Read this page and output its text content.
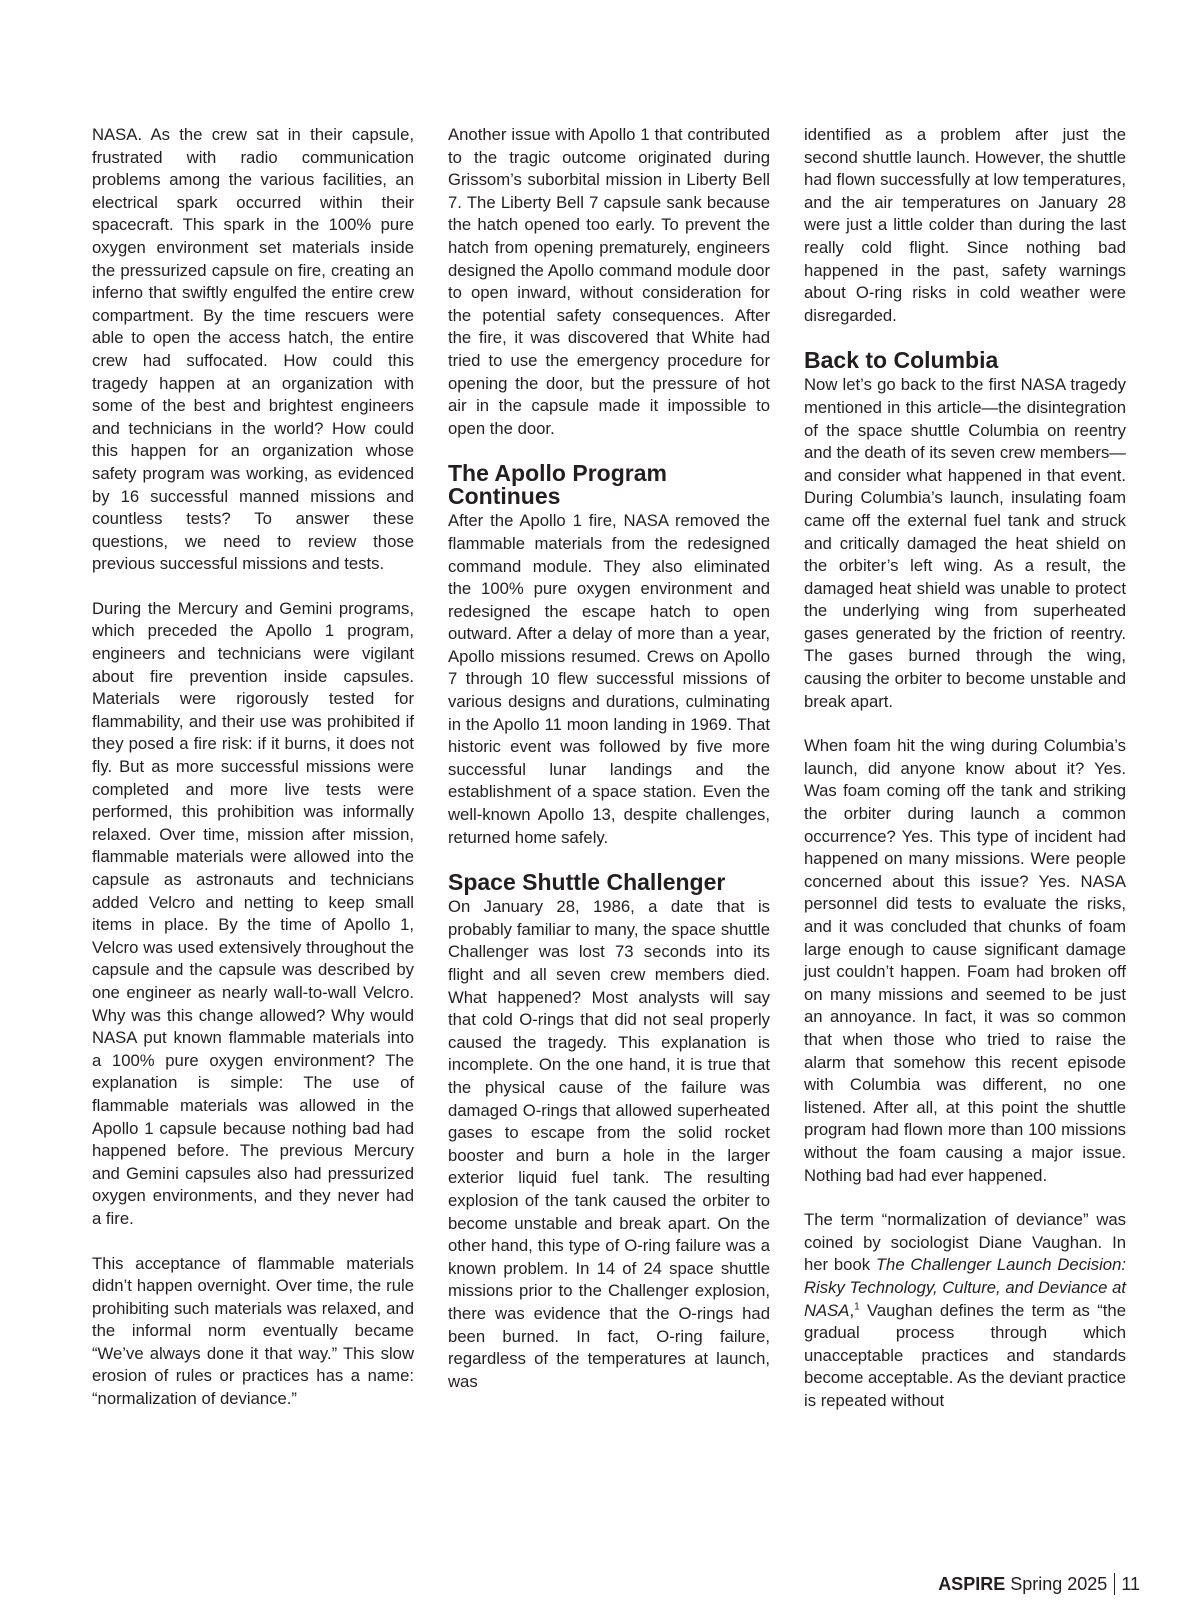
NASA. As the crew sat in their capsule, frustrated with radio communication problems among the various facilities, an electrical spark occurred within their spacecraft. This spark in the 100% pure oxygen environment set materials inside the pressurized capsule on fire, creating an inferno that swiftly engulfed the entire crew compartment. By the time rescuers were able to open the access hatch, the entire crew had suffocated. How could this tragedy happen at an organization with some of the best and brightest engineers and technicians in the world? How could this happen for an organization whose safety program was working, as evidenced by 16 successful manned missions and countless tests? To answer these questions, we need to review those previous successful missions and tests.

During the Mercury and Gemini programs, which preceded the Apollo 1 program, engineers and technicians were vigilant about fire prevention inside capsules. Materials were rigorously tested for flammability, and their use was prohibited if they posed a fire risk: if it burns, it does not fly. But as more successful missions were completed and more live tests were performed, this prohibition was informally relaxed. Over time, mission after mission, flammable materials were allowed into the capsule as astronauts and technicians added Velcro and netting to keep small items in place. By the time of Apollo 1, Velcro was used extensively throughout the capsule and the capsule was described by one engineer as nearly wall-to-wall Velcro. Why was this change allowed? Why would NASA put known flammable materials into a 100% pure oxygen environment? The explanation is simple: The use of flammable materials was allowed in the Apollo 1 capsule because nothing bad had happened before. The previous Mercury and Gemini capsules also had pressurized oxygen environments, and they never had a fire.

This acceptance of flammable materials didn’t happen overnight. Over time, the rule prohibiting such materials was relaxed, and the informal norm eventually became “We’ve always done it that way.” This slow erosion of rules or practices has a name: “normalization of deviance.”

Another issue with Apollo 1 that contributed to the tragic outcome originated during Grissom’s suborbital mission in Liberty Bell 7. The Liberty Bell 7 capsule sank because the hatch opened too early. To prevent the hatch from opening prematurely, engineers designed the Apollo command module door to open inward, without consideration for the potential safety consequences. After the fire, it was discovered that White had tried to use the emergency procedure for opening the door, but the pressure of hot air in the capsule made it impossible to open the door.

The Apollo Program Continues

After the Apollo 1 fire, NASA removed the flammable materials from the redesigned command module. They also eliminated the 100% pure oxygen environment and redesigned the escape hatch to open outward. After a delay of more than a year, Apollo missions resumed. Crews on Apollo 7 through 10 flew successful missions of various designs and durations, culminating in the Apollo 11 moon landing in 1969. That historic event was followed by five more successful lunar landings and the establishment of a space station. Even the well-known Apollo 13, despite challenges, returned home safely.

Space Shuttle Challenger

On January 28, 1986, a date that is probably familiar to many, the space shuttle Challenger was lost 73 seconds into its flight and all seven crew members died. What happened? Most analysts will say that cold O-rings that did not seal properly caused the tragedy. This explanation is incomplete. On the one hand, it is true that the physical cause of the failure was damaged O-rings that allowed superheated gases to escape from the solid rocket booster and burn a hole in the larger exterior liquid fuel tank. The resulting explosion of the tank caused the orbiter to become unstable and break apart. On the other hand, this type of O-ring failure was a known problem. In 14 of 24 space shuttle missions prior to the Challenger explosion, there was evidence that the O-rings had been burned. In fact, O-ring failure, regardless of the temperatures at launch, was

identified as a problem after just the second shuttle launch. However, the shuttle had flown successfully at low temperatures, and the air temperatures on January 28 were just a little colder than during the last really cold flight. Since nothing bad happened in the past, safety warnings about O-ring risks in cold weather were disregarded.

Back to Columbia

Now let’s go back to the first NASA tragedy mentioned in this article—the disintegration of the space shuttle Columbia on reentry and the death of its seven crew members—and consider what happened in that event. During Columbia’s launch, insulating foam came off the external fuel tank and struck and critically damaged the heat shield on the orbiter’s left wing. As a result, the damaged heat shield was unable to protect the underlying wing from superheated gases generated by the friction of reentry. The gases burned through the wing, causing the orbiter to become unstable and break apart.

When foam hit the wing during Columbia’s launch, did anyone know about it? Yes. Was foam coming off the tank and striking the orbiter during launch a common occurrence? Yes. This type of incident had happened on many missions. Were people concerned about this issue? Yes. NASA personnel did tests to evaluate the risks, and it was concluded that chunks of foam large enough to cause significant damage just couldn’t happen. Foam had broken off on many missions and seemed to be just an annoyance. In fact, it was so common that when those who tried to raise the alarm that somehow this recent episode with Columbia was different, no one listened. After all, at this point the shuttle program had flown more than 100 missions without the foam causing a major issue. Nothing bad had ever happened.

The term “normalization of deviance” was coined by sociologist Diane Vaughan. In her book The Challenger Launch Decision: Risky Technology, Culture, and Deviance at NASA,$^1$ Vaughan defines the term as “the gradual process through which unacceptable practices and standards become acceptable. As the deviant practice is repeated without

ASPIRE Spring 2025 11
